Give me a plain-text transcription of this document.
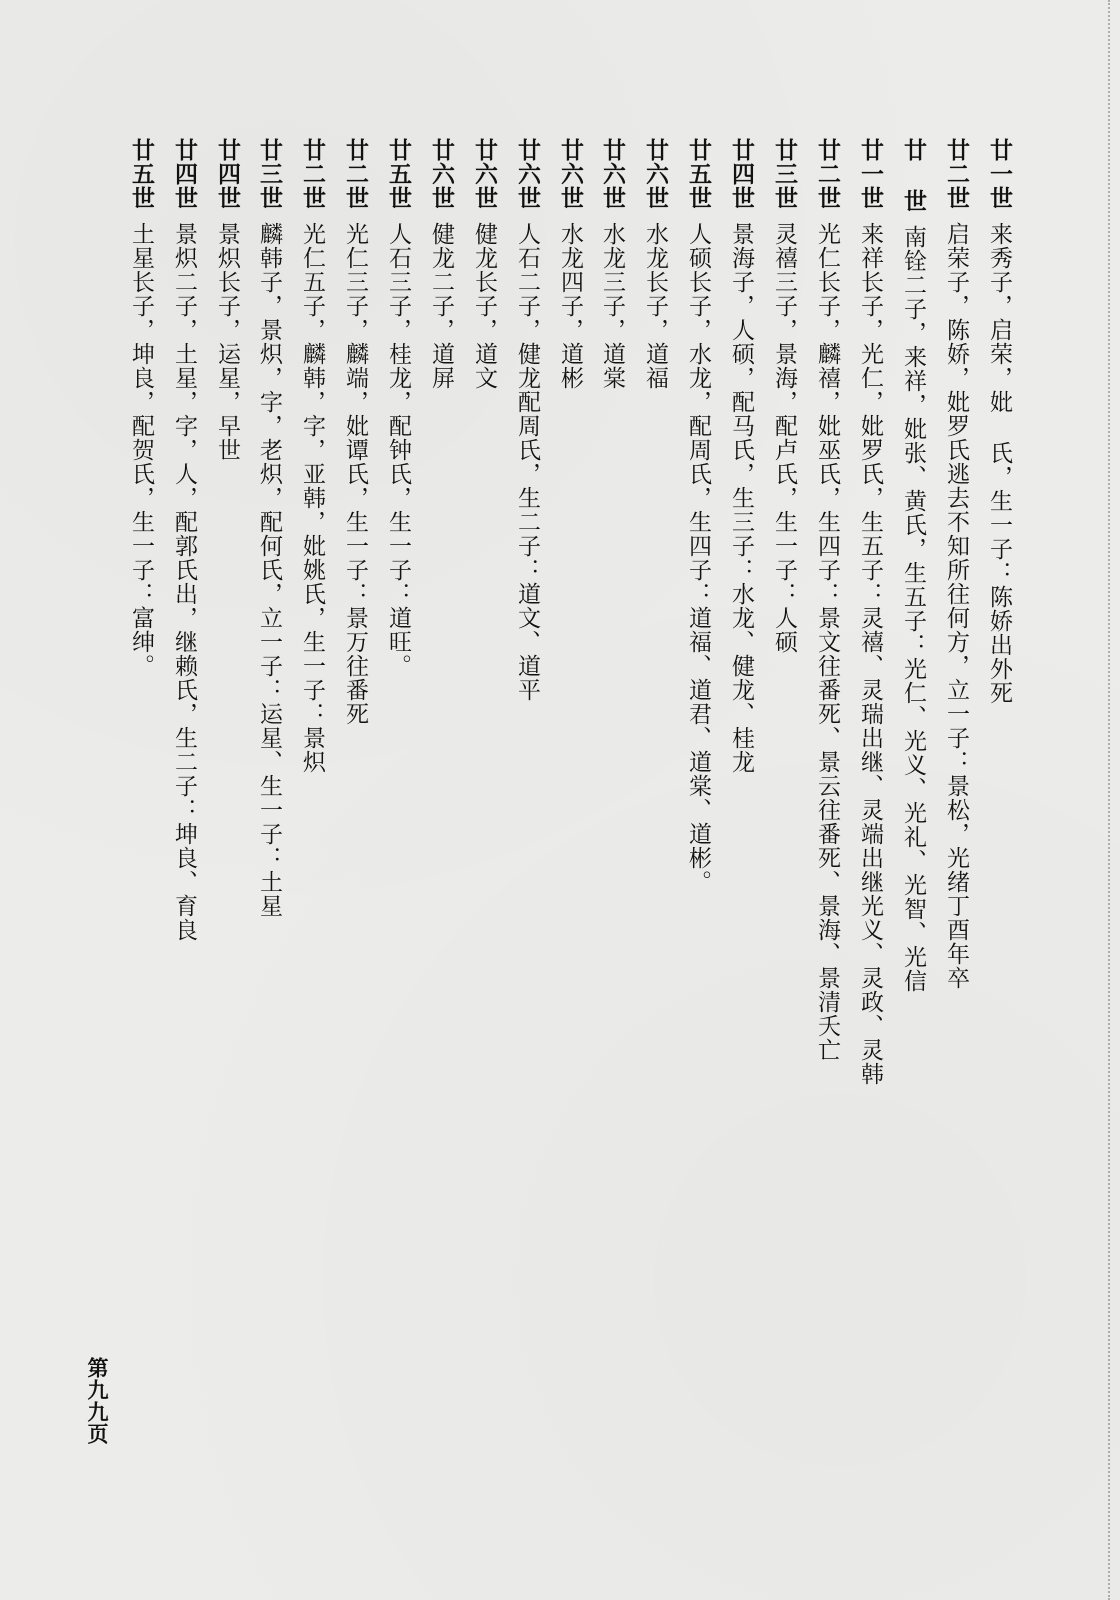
廿一世来秀子，启荣，妣 氏，生一子：陈娇出外死
廿二世启荣子，陈娇，妣罗氏逃去不知所往何方，立一子：景松，光绪丁酉年卒
廿 世南铨二子，来祥，妣张、黄氏，生五子：光仁、光义、光礼、光智、光信
廿一世来祥长子，光仁，妣罗氏，生五子：灵禧、灵瑞出继、灵端出继光义、灵政、灵韩
廿二世光仁长子，麟禧，妣巫氏，生四子：景文往番死、景云往番死、景海、景清夭亡
廿三世灵禧三子，景海，配卢氏，生一子：人硕
廿四世景海子，人硕，配马氏，生三子：水龙、健龙、桂龙
廿五世人硕长子，水龙，配周氏，生四子：道福、道君、道棠、道彬。
廿六世水龙长子，道福
廿六世水龙三子，道棠
廿六世水龙四子，道彬
廿六世人石二子，健龙配周氏，生二子：道文、道平
廿六世健龙长子，道文
廿六世健龙二子，道屏
廿五世人石三子，桂龙，配钟氏，生一子：道旺。
廿二世光仁三子，麟端，妣谭氏，生一子：景万往番死
廿二世光仁五子，麟韩，字，亚韩，妣姚氏，生一子：景炽
廿三世麟韩子，景炽，字，老炽，配何氏，立一子：运星、生一子：土星
廿四世景炽长子，运星，早世
廿四世景炽二子，土星，字，人，配郭氏出，继赖氏，生二子：坤良、育良
廿五世土星长子，坤良，配贺氏，生一子：富绅。
第九九页
